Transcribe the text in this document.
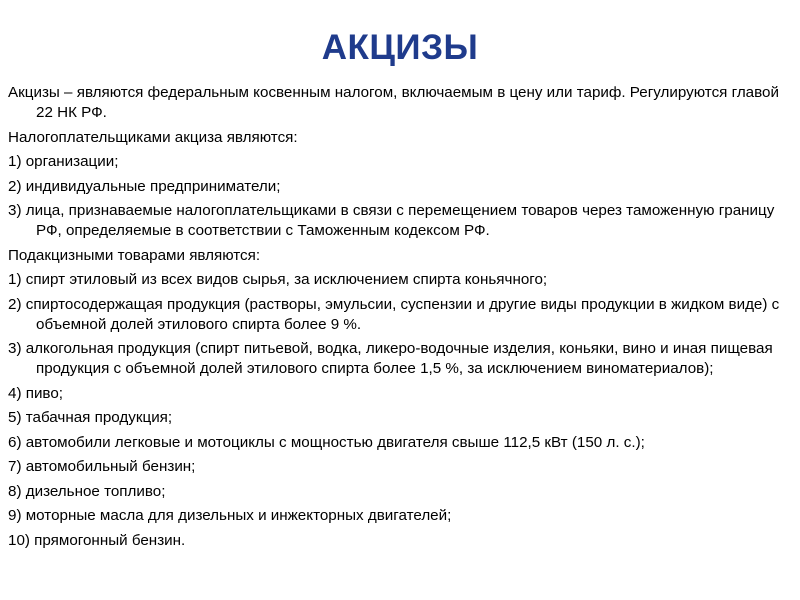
АКЦИЗЫ

Акцизы – являются федеральным косвенным налогом, включаемым в цену или тариф. Регулируются главой 22 НК РФ.

Налогоплательщиками акциза являются:

1) организации;

2) индивидуальные предприниматели;

3) лица, признаваемые налогоплательщиками в связи с перемещением товаров через таможенную границу РФ, определяемые в соответствии с Таможенным кодексом РФ.

Подакцизными товарами являются:

1) спирт этиловый из всех видов сырья, за исключением спирта коньячного;

2) спиртосодержащая продукция (растворы, эмульсии, суспензии и другие виды продукции в жидком виде) с объемной долей этилового спирта более 9 %.

3) алкогольная продукция (спирт питьевой, водка, ликеро-водочные изделия, коньяки, вино и иная пищевая продукция с объемной долей этилового спирта более 1,5 %, за исключением виноматериалов);

4) пиво;

5) табачная продукция;

6) автомобили легковые и мотоциклы с мощностью двигателя свыше 112,5 кВт (150 л. с.);

7) автомобильный бензин;

8) дизельное топливо;

9) моторные масла для дизельных и инжекторных двигателей;

10) прямогонный бензин.
